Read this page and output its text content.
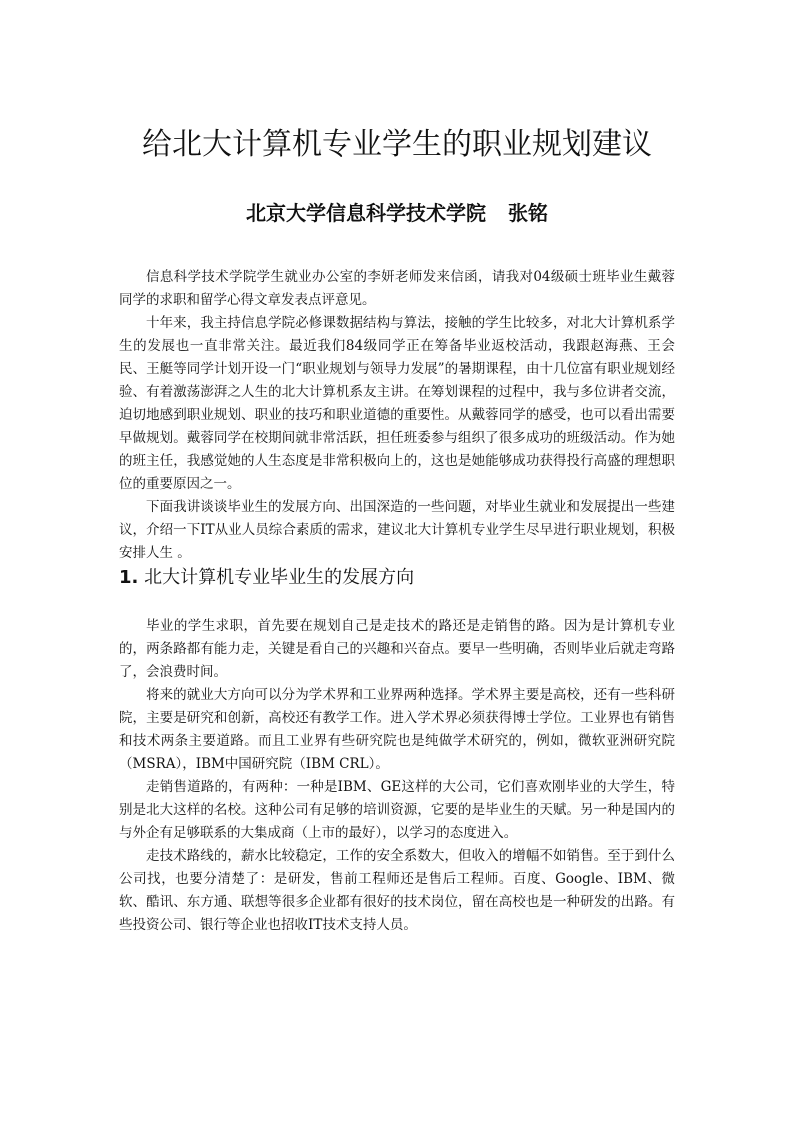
给北大计算机专业学生的职业规划建议
北京大学信息科学技术学院 张铭

信息科学技术学院学生就业办公室的李妍老师发来信函，请我对04级硕士班毕业生戴蓉同学的求职和留学心得文章发表点评意见。

十年来，我主持信息学院必修课数据结构与算法，接触的学生比较多，对北大计算机系学生的发展也一直非常关注。最近我们84级同学正在筹备毕业返校活动，我跟赵海燕、王会民、王艇等同学计划开设一门“职业规划与领导力发展”的暑期课程，由十几位富有职业规划经验、有着激荡澎湃之人生的北大计算机系友主讲。在筹划课程的过程中，我与多位讲者交流，迫切地感到职业规划、职业的技巧和职业道德的重要性。从戴蓉同学的感受，也可以看出需要早做规划。戴蓉同学在校期间就非常活跃，担任班委参与组织了很多成功的班级活动。作为她的班主任，我感觉她的人生态度是非常积极向上的，这也是她能够成功获得投行高盛的理想职位的重要原因之一。

下面我讲谈谈毕业生的发展方向、出国深造的一些问题，对毕业生就业和发展提出一些建议，介绍一下IT从业人员综合素质的需求，建议北大计算机专业学生尽早进行职业规划，积极安排人生 。

1. 北大计算机专业毕业生的发展方向

毕业的学生求职，首先要在规划自己是走技术的路还是走销售的路。因为是计算机专业的，两条路都有能力走，关键是看自己的兴趣和兴奋点。要早一些明确，否则毕业后就走弯路了，会浪费时间。

将来的就业大方向可以分为学术界和工业界两种选择。学术界主要是高校，还有一些科研院，主要是研究和创新，高校还有教学工作。进入学术界必须获得博士学位。工业界也有销售和技术两条主要道路。而且工业界有些研究院也是纯做学术研究的，例如，微软亚洲研究院（MSRA），IBM中国研究院（IBM CRL）。

走销售道路的，有两种：一种是IBM、GE这样的大公司，它们喜欢刚毕业的大学生，特别是北大这样的名校。这种公司有足够的培训资源，它要的是毕业生的天赋。另一种是国内的与外企有足够联系的大集成商（上市的最好），以学习的态度进入。

走技术路线的，薪水比较稳定，工作的安全系数大，但收入的增幅不如销售。至于到什么公司找，也要分清楚了：是研发，售前工程师还是售后工程师。百度、Google、IBM、微软、酷讯、东方通、联想等很多企业都有很好的技术岗位，留在高校也是一种研发的出路。有些投资公司、银行等企业也招收IT技术支持人员。
